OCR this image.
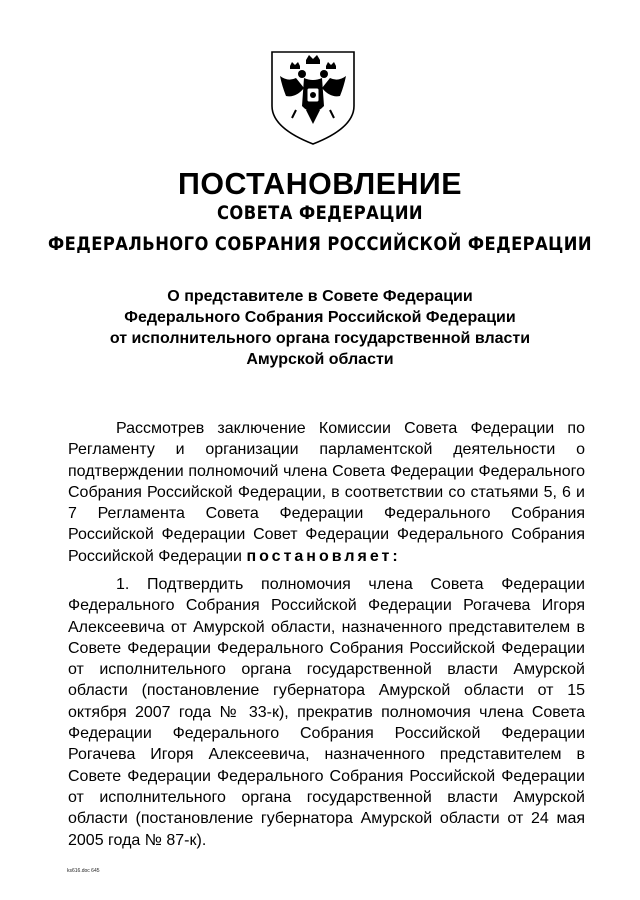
ПОСТАНОВЛЕНИЕ
СОВЕТА ФЕДЕРАЦИИ
ФЕДЕРАЛЬНОГО СОБРАНИЯ РОССИЙСКОЙ ФЕДЕРАЦИИ
О представителе в Совете Федерации
Федерального Собрания Российской Федерации
от исполнительного органа государственной власти
Амурской области
Рассмотрев заключение Комиссии Совета Федерации по Регламенту и организации парламентской деятельности о подтверждении полномочий члена Совета Федерации Федерального Собрания Российской Федерации, в соответствии со статьями 5, 6 и 7 Регламента Совета Федерации Федерального Собрания Российской Федерации Совет Федерации Федерального Собрания Российской Федерации постановляет:
1. Подтвердить полномочия члена Совета Федерации Федерального Собрания Российской Федерации Рогачева Игоря Алексеевича от Амурской области, назначенного представителем в Совете Федерации Федерального Собрания Российской Федерации от исполнительного органа государственной власти Амурской области (постановление губернатора Амурской области от 15 октября 2007 года № 33-к), прекратив полномочия члена Совета Федерации Федерального Собрания Российской Федерации Рогачева Игоря Алексеевича, назначенного представителем в Совете Федерации Федерального Собрания Российской Федерации от исполнительного органа государственной власти Амурской области (постановление губернатора Амурской области от 24 мая 2005 года № 87-к).
ks616.doc 645
